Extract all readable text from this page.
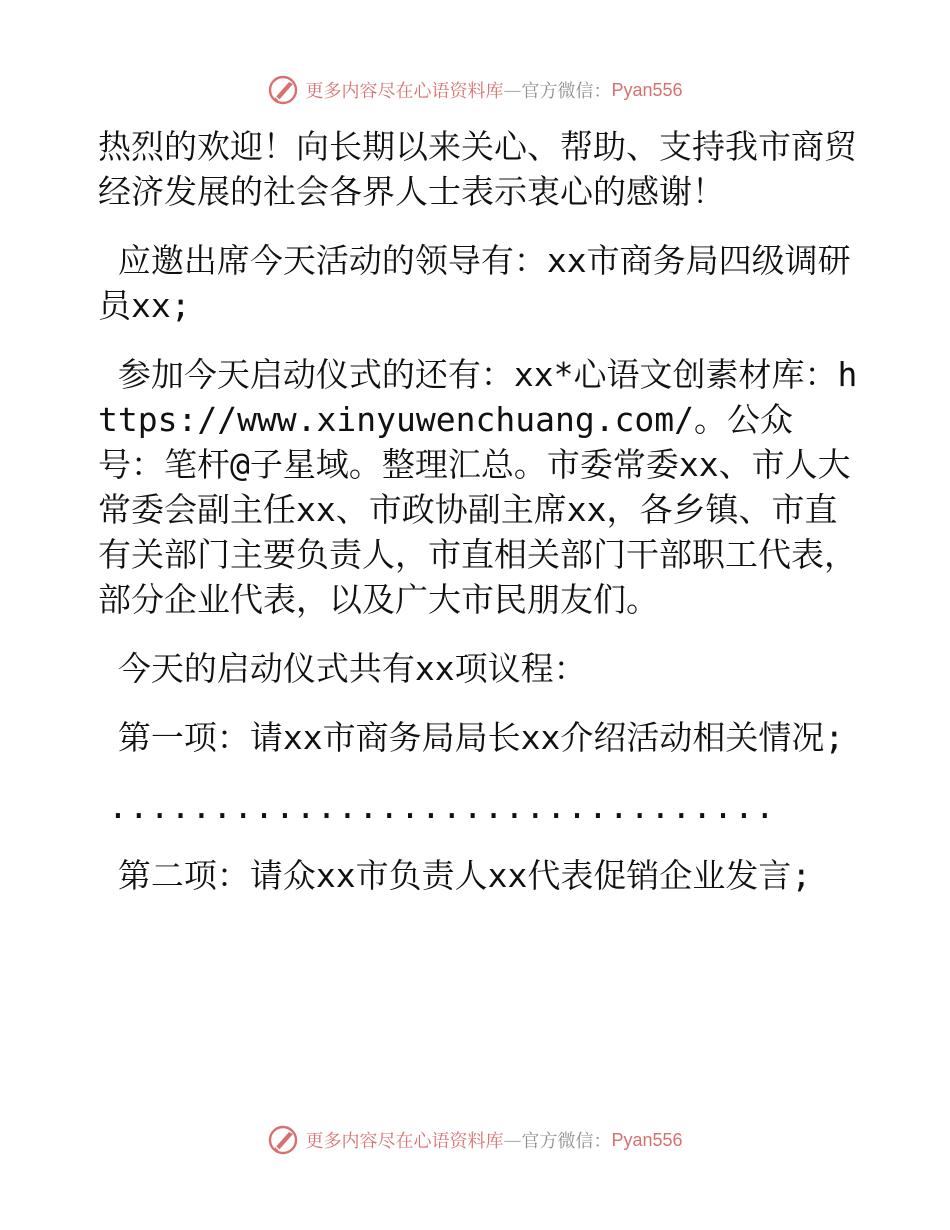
更多内容尽在心语资料库 — 官方微信： Pyan556

热烈的欢迎！向长期以来关心、帮助、支持我市商贸经济发展的社会各界人士表示衷心的感谢！

应邀出席今天活动的领导有：xx市商务局四级调研员xx;

参加今天启动仪式的还有：xx*心语文创素材库：https://www.xinyuwenchuang.com/。公众号：笔杆@子星域。整理汇总。市委常委xx、市人大常委会副主任xx、市政协副主席xx，各乡镇、市直有关部门主要负责人，市直相关部门干部职工代表，部分企业代表，以及广大市民朋友们。

今天的启动仪式共有xx项议程：

第一项：请xx市商务局局长xx介绍活动相关情况;

................................

第二项：请众xx市负责人xx代表促销企业发言;

更多内容尽在心语资料库 — 官方微信： Pyan556
